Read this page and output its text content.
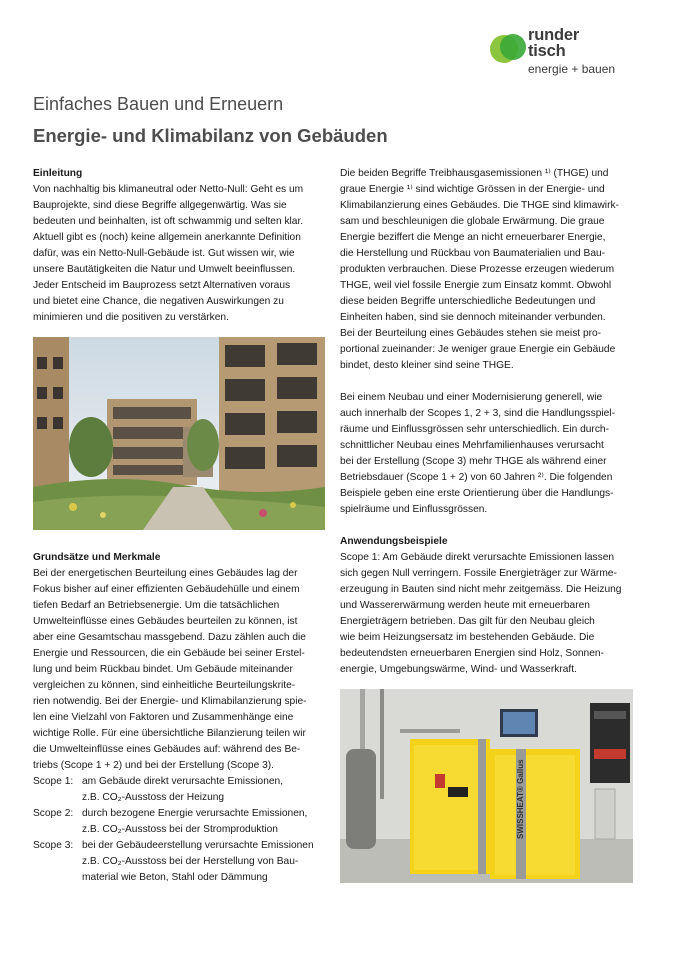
runder
tisch
energie + bauen
Einfaches Bauen und Erneuern
Energie- und Klimabilanz von Gebäuden
Einleitung

Von nachhaltig bis klimaneutral oder Netto-Null: Geht es um
Bauprojekte, sind diese Begriffe allgegenwärtig. Was sie
bedeuten und beinhalten, ist oft schwammig und selten klar.
Aktuell gibt es (noch) keine allgemein anerkannte Definition
dafür, was ein Netto-Null-Gebäude ist. Gut wissen wir, wie
unsere Bautätigkeiten die Natur und Umwelt beeinflussen.
Jeder Entscheid im Bauprozess setzt Alternativen voraus
und bietet eine Chance, die negativen Auswirkungen zu
minimieren und die positiven zu verstärken.

Grundsätze und Merkmale

Bei der energetischen Beurteilung eines Gebäudes lag der
Fokus bisher auf einer effizienten Gebäudehülle und einem
tiefen Bedarf an Betriebsenergie. Um die tatsächlichen
Umwelteinflüsse eines Gebäudes beurteilen zu können, ist
aber eine Gesamtschau massgebend. Dazu zählen auch die
Energie und Ressourcen, die ein Gebäude bei seiner Erstel-
lung und beim Rückbau bindet. Um Gebäude miteinander
vergleichen zu können, sind einheitliche Beurteilungskrite-
rien notwendig. Bei der Energie- und Klimabilanzierung spie-
len eine Vielzahl von Faktoren und Zusammenhänge eine
wichtige Rolle. Für eine übersichtliche Bilanzierung teilen wir
die Umwelteinflüsse eines Gebäudes auf: während des Be-
triebs (Scope 1 + 2) und bei der Erstellung (Scope 3).

Scope 1: am Gebäude direkt verursachte Emissionen,
z.B. CO₂-Ausstoss der Heizung
Scope 2: durch bezogene Energie verursachte Emissionen,
z.B. CO₂-Ausstoss bei der Stromproduktion
Scope 3: bei der Gebäudeerstellung verursachte Emissionen
z.B. CO₂-Ausstoss bei der Herstellung von Bau-
material wie Beton, Stahl oder Dämmung

Die beiden Begriffe Treibhausgasemissionen ¹⁾ (THGE) und
graue Energie ¹⁾ sind wichtige Grössen in der Energie- und
Klimabilanzierung eines Gebäudes. Die THGE sind klimawirk-
sam und beschleunigen die globale Erwärmung. Die graue
Energie beziffert die Menge an nicht erneuerbarer Energie,
die Herstellung und Rückbau von Baumaterialien und Bau-
produkten verbrauchen. Diese Prozesse erzeugen wiederum
THGE, weil viel fossile Energie zum Einsatz kommt. Obwohl
diese beiden Begriffe unterschiedliche Bedeutungen und
Einheiten haben, sind sie dennoch miteinander verbunden.
Bei der Beurteilung eines Gebäudes stehen sie meist pro-
portional zueinander: Je weniger graue Energie ein Gebäude
bindet, desto kleiner sind seine THGE.

Bei einem Neubau und einer Modernisierung generell, wie
auch innerhalb der Scopes 1, 2 + 3, sind die Handlungsspiel-
räume und Einflussgrössen sehr unterschiedlich. Ein durch-
schnittlicher Neubau eines Mehrfamilienhauses verursacht
bei der Erstellung (Scope 3) mehr THGE als während einer
Betriebsdauer (Scope 1 + 2) von 60 Jahren ²⁾. Die folgenden
Beispiele geben eine erste Orientierung über die Handlungs-
spielräume und Einflussgrössen.

Anwendungsbeispiele

Scope 1: Am Gebäude direkt verursachte Emissionen lassen
sich gegen Null verringern. Fossile Energieträger zur Wärme-
erzeugung in Bauten sind nicht mehr zeitgemäss. Die Heizung
und Wassererwärmung werden heute mit erneuerbaren
Energieträgern betrieben. Das gilt für den Neubau gleich
wie beim Heizungsersatz im bestehenden Gebäude. Die
bedeutendsten erneuerbaren Energien sind Holz, Sonnen-
energie, Umgebungswärme, Wind- und Wasserkraft.

SWISSHEAT® Gallus
